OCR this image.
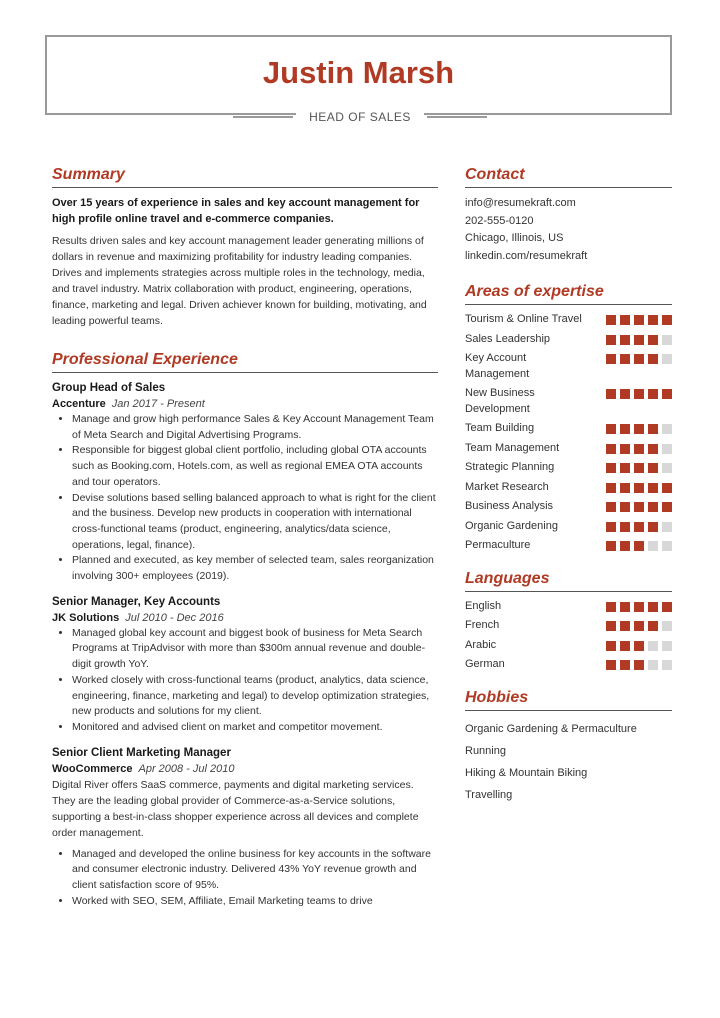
Justin Marsh
HEAD OF SALES
Summary

Over 15 years of experience in sales and key account management for high profile online travel and e-commerce companies.

Results driven sales and key account management leader generating millions of dollars in revenue and maximizing profitability for industry leading companies. Drives and implements strategies across multiple roles in the technology, media, and travel industry. Matrix collaboration with product, engineering, operations, finance, marketing and legal. Driven achiever known for building, motivating, and leading powerful teams.

Professional Experience
Group Head of Sales
Accenture Jan 2017 - Present
• Manage and grow high performance Sales & Key Account Management Team of Meta Search and Digital Advertising Programs.
• Responsible for biggest global client portfolio, including global OTA accounts such as Booking.com, Hotels.com, as well as regional EMEA OTA accounts and tour operators.
• Devise solutions based selling balanced approach to what is right for the client and the business. Develop new products in cooperation with international cross-functional teams (product, engineering, analytics/data science, operations, legal, finance).
• Planned and executed, as key member of selected team, sales reorganization involving 300+ employees (2019).
Senior Manager, Key Accounts
JK Solutions Jul 2010 - Dec 2016
• Managed global key account and biggest book of business for Meta Search Programs at TripAdvisor with more than $300m annual revenue and double-digit growth YoY.
• Worked closely with cross-functional teams (product, analytics, data science, engineering, finance, marketing and legal) to develop optimization strategies, new products and solutions for my client.
• Monitored and advised client on market and competitor movement.
Senior Client Marketing Manager
WooCommerce Apr 2008 - Jul 2010

Digital River offers SaaS commerce, payments and digital marketing services. They are the leading global provider of Commerce-as-a-Service solutions, supporting a best-in-class shopper experience across all devices and complete order management.

• Managed and developed the online business for key accounts in the software and consumer electronic industry. Delivered 43% YoY revenue growth and client satisfaction score of 95%.
• Worked with SEO, SEM, Affiliate, Email Marketing teams to drive
Contact
info@resumekraft.com
202-555-0120
Chicago, Illinois, US
linkedin.com/resumekraft
Areas of expertise
Tourism & Online Travel
Sales Leadership
Key Account Management
New Business Development
Team Building
Team Management
Strategic Planning
Market Research
Business Analysis
Organic Gardening
Permaculture
Languages
English
French
Arabic
German
Hobbies
Organic Gardening & Permaculture
Running
Hiking & Mountain Biking
Travelling
